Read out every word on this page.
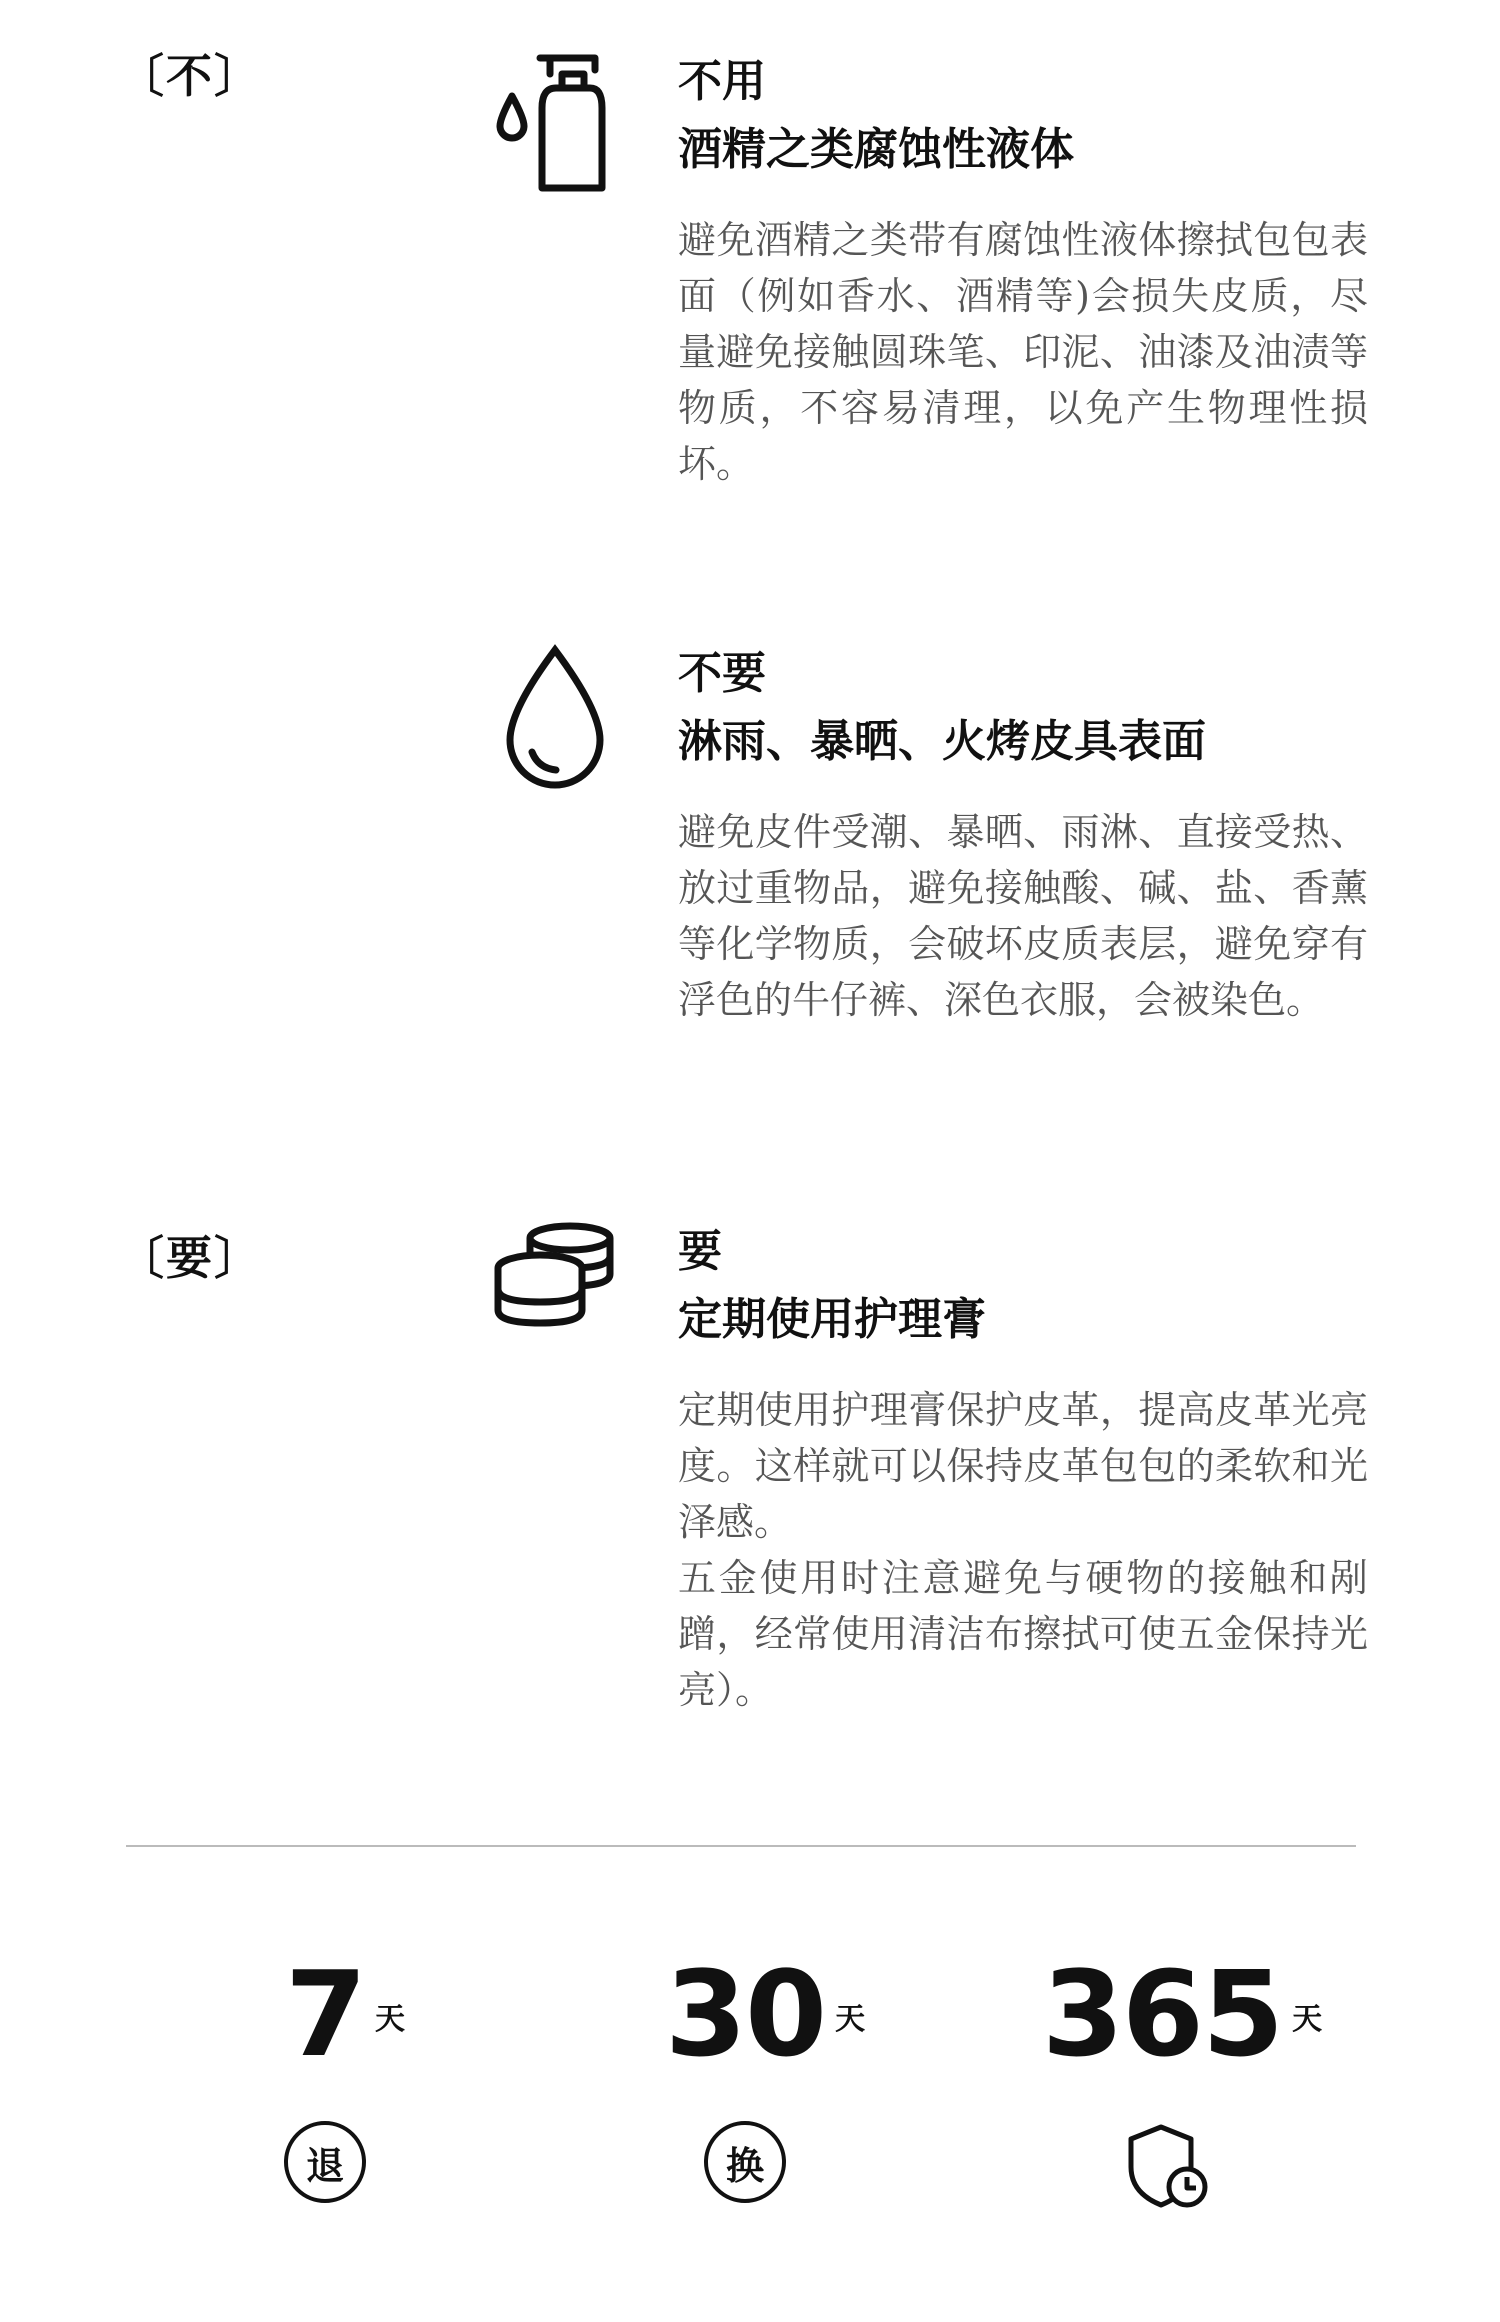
〔不〕
〔要〕
不用
酒精之类腐蚀性液体
避免酒精之类带有腐蚀性液体擦拭包包表面（例如香水、酒精等)会损失皮质，尽量避免接触圆珠笔、印泥、油漆及油渍等物质，不容易清理，以免产生物理性损坏。
不要
淋雨、暴晒、火烤皮具表面
避免皮件受潮、暴晒、雨淋、直接受热、放过重物品，避免接触酸、碱、盐、香薰等化学物质，会破坏皮质表层，避免穿有浮色的牛仔裤、深色衣服，会被染色。
要
定期使用护理膏
定期使用护理膏保护皮革，提高皮革光亮度。这样就可以保持皮革包包的柔软和光泽感。
五金使用时注意避免与硬物的接触和剐蹭，经常使用清洁布擦拭可使五金保持光亮）。
7 天
退
30 天
换
365 天
